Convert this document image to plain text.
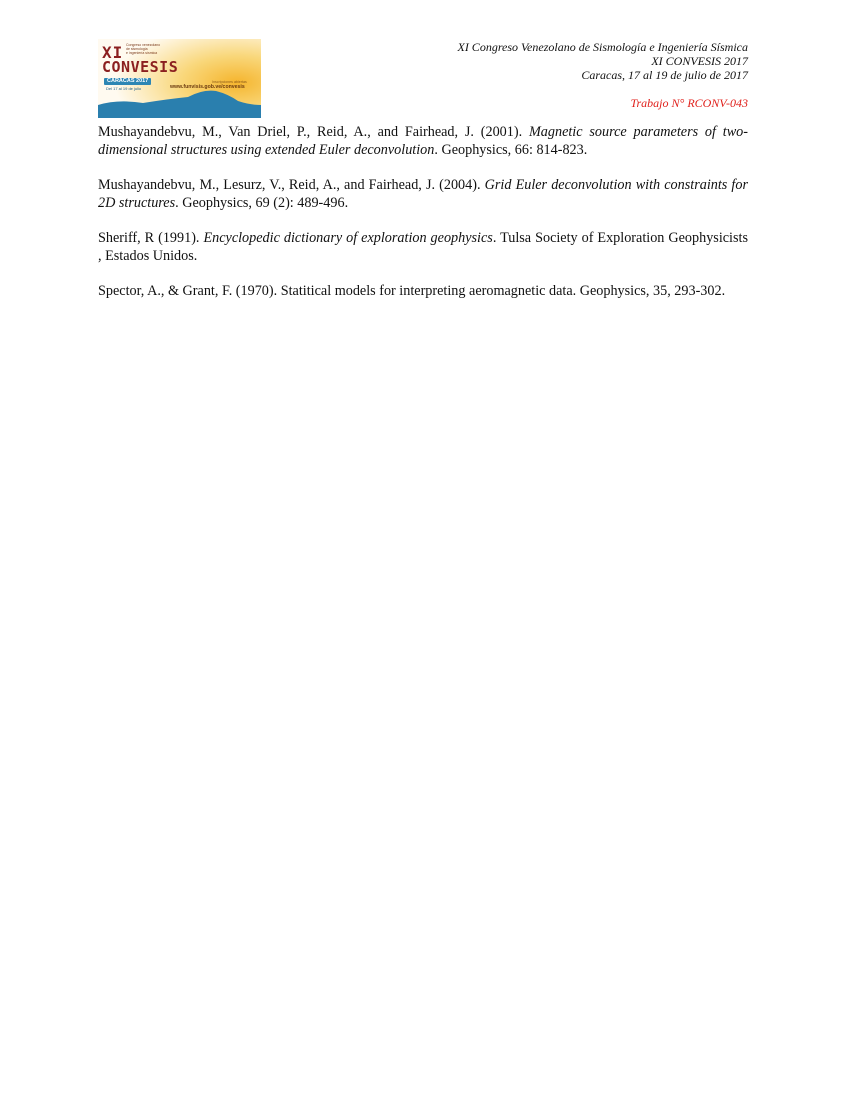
XI
CONVESIS
Congreso venezolano
de sismología
e ingeniería sísmica
CARACAS 2017
Del 17 al 19 de julio
Inscripciones abiertas
www.funvisis.gob.ve/convesis
XI Congreso Venezolano de Sismología e Ingeniería Sísmica
XI CONVESIS 2017
Caracas, 17 al 19 de julio de 2017
Trabajo N° RCONV-043

Mushayandebvu, M., Van Driel, P., Reid, A., and Fairhead, J. (2001). Magnetic source parameters of two-dimensional structures using extended Euler deconvolution. Geophysics, 66: 814-823.

Mushayandebvu, M., Lesurz, V., Reid, A., and Fairhead, J. (2004). Grid Euler deconvolution with constraints for 2D structures. Geophysics, 69 (2): 489-496.

Sheriff, R (1991). Encyclopedic dictionary of exploration geophysics. Tulsa Society of Exploration Geophysicists , Estados Unidos.

Spector, A., & Grant, F. (1970). Statitical models for interpreting aeromagnetic data. Geophysics, 35, 293-302.
